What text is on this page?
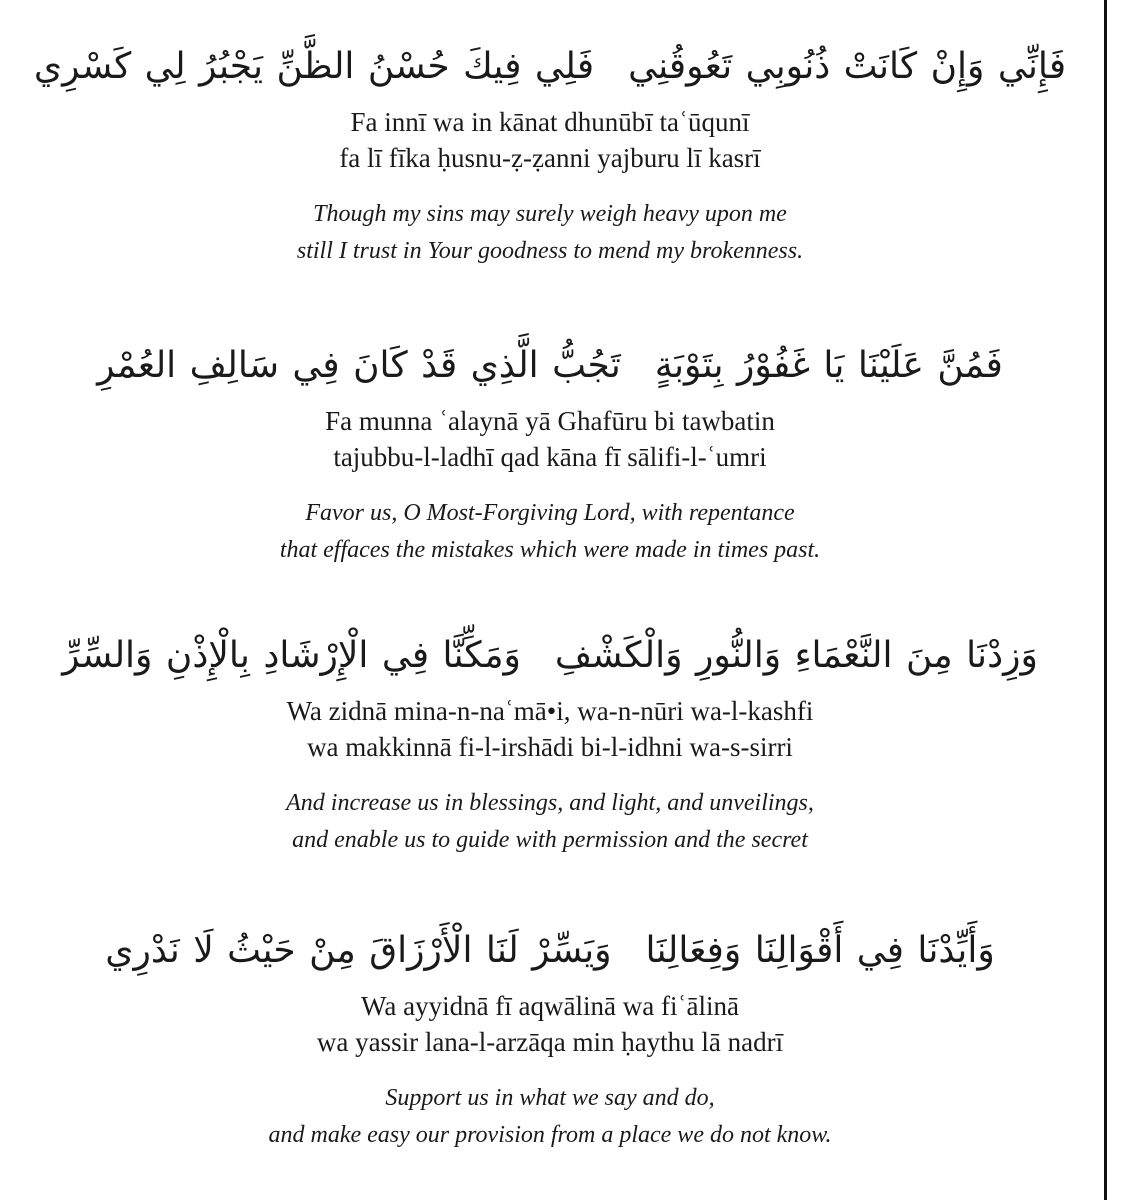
فَإِنِّي وَإِنْ كَانَتْ ذُنُوبِي تَعُوقُنِيفَلِي فِيكَ حُسْنُ الظَّنِّ يَجْبُرُ لِي كَسْرِي
Fa innī wa in kānat dhunūbī taʿūqunī
fa lī fīka ḥusnu-ẓ-ẓanni yajburu lī kasrī
Though my sins may surely weigh heavy upon me
still I trust in Your goodness to mend my brokenness.
فَمُنَّ عَلَيْنَا يَا غَفُوْرُ بِتَوْبَةٍتَجُبُّ الَّذِي قَدْ كَانَ فِي سَالِفِ العُمْرِ
Fa munna ʿalaynā yā Ghafūru bi tawbatin
tajubbu-l-ladhī qad kāna fī sālifi-l-ʿumri
Favor us, O Most-Forgiving Lord, with repentance
that effaces the mistakes which were made in times past.
وَزِدْنَا مِنَ النَّعْمَاءِ وَالنُّورِ وَالْكَشْفِوَمَكِّنَّا فِي الْإِرْشَادِ بِالْإِذْنِ وَالسِّرِّ
Wa zidnā mina-n-naʿmā•i, wa-n-nūri wa-l-kashfi
wa makkinnā fi-l-irshādi bi-l-idhni wa-s-sirri
And increase us in blessings, and light, and unveilings,
and enable us to guide with permission and the secret
وَأَيِّدْنَا فِي أَقْوَالِنَا وَفِعَالِنَاوَيَسِّرْ لَنَا الْأَرْزَاقَ مِنْ حَيْثُ لَا نَدْرِي
Wa ayyidnā fī aqwālinā wa fiʿālinā
wa yassir lana-l-arzāqa min ḥaythu lā nadrī
Support us in what we say and do,
and make easy our provision from a place we do not know.
